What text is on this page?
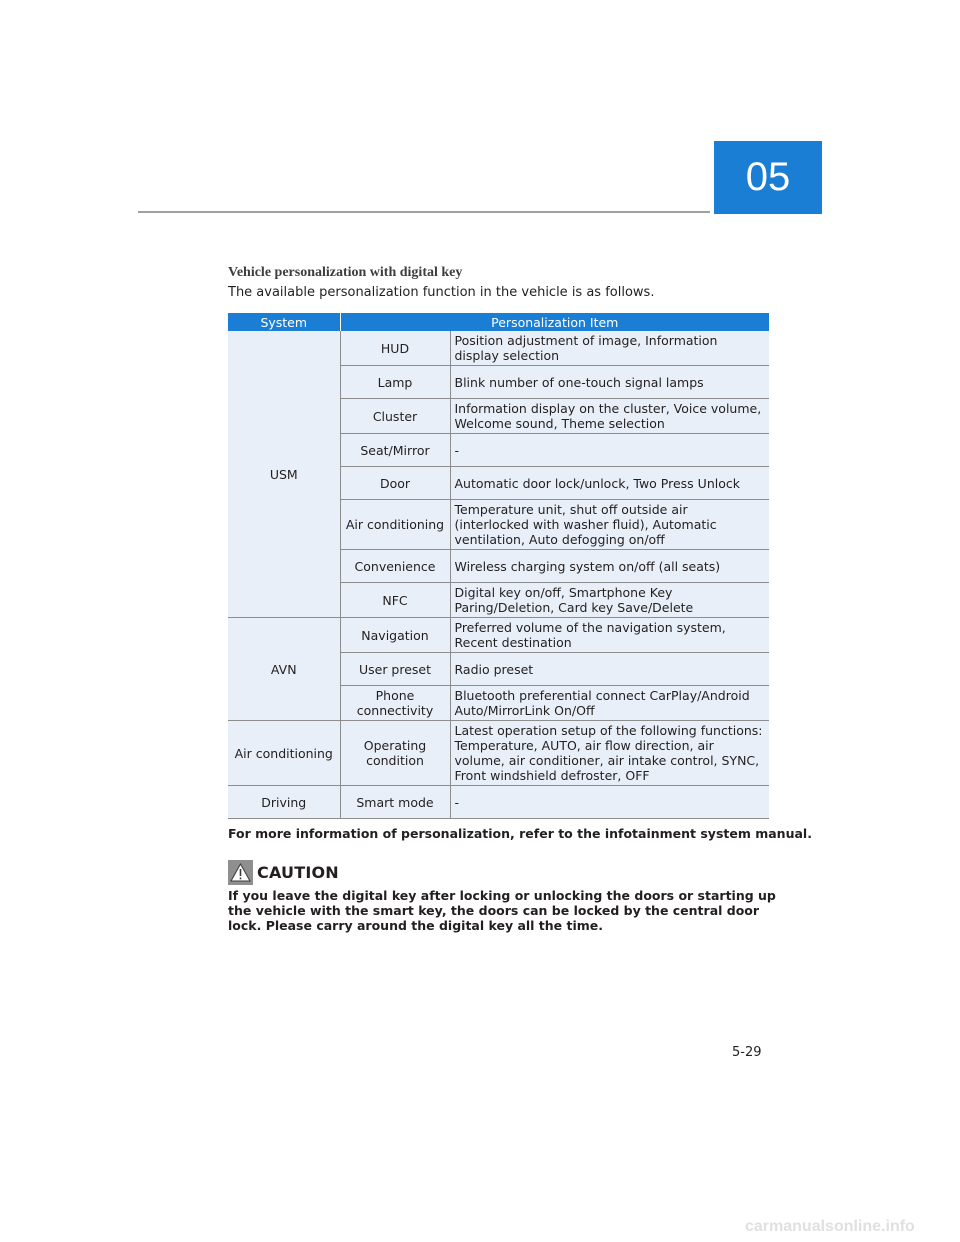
05
Vehicle personalization with digital key

The available personalization function in the vehicle is as follows.

System	Personalization Item	
USM	HUD	Position adjustment of image, Information display selection
	Lamp	Blink number of one-touch signal lamps
	Cluster	Information display on the cluster, Voice volume, Welcome sound, Theme selection
	Seat/Mirror	-
	Door	Automatic door lock/unlock, Two Press Unlock
	Air conditioning	Temperature unit, shut off outside air (interlocked with washer fluid), Automatic ventilation, Auto defogging on/off
	Convenience	Wireless charging system on/off (all seats)
	NFC	Digital key on/off, Smartphone Key Paring/Deletion, Card key Save/Delete
AVN	Navigation	Preferred volume of the navigation system, Recent destination
	User preset	Radio preset
	Phone connectivity	Bluetooth preferential connect CarPlay/Android Auto/MirrorLink On/Off
Air conditioning	Operating condition	Latest operation setup of the following functions: Temperature, AUTO, air flow direction, air volume, air conditioner, air intake control, SYNC, Front windshield defroster, OFF
Driving	Smart mode	-

For more information of personalization, refer to the infotainment system manual.

CAUTION

If you leave the digital key after locking or unlocking the doors or starting up the vehicle with the smart key, the doors can be locked by the central door lock. Please carry around the digital key all the time.

5-29

carmanualsonline.info
